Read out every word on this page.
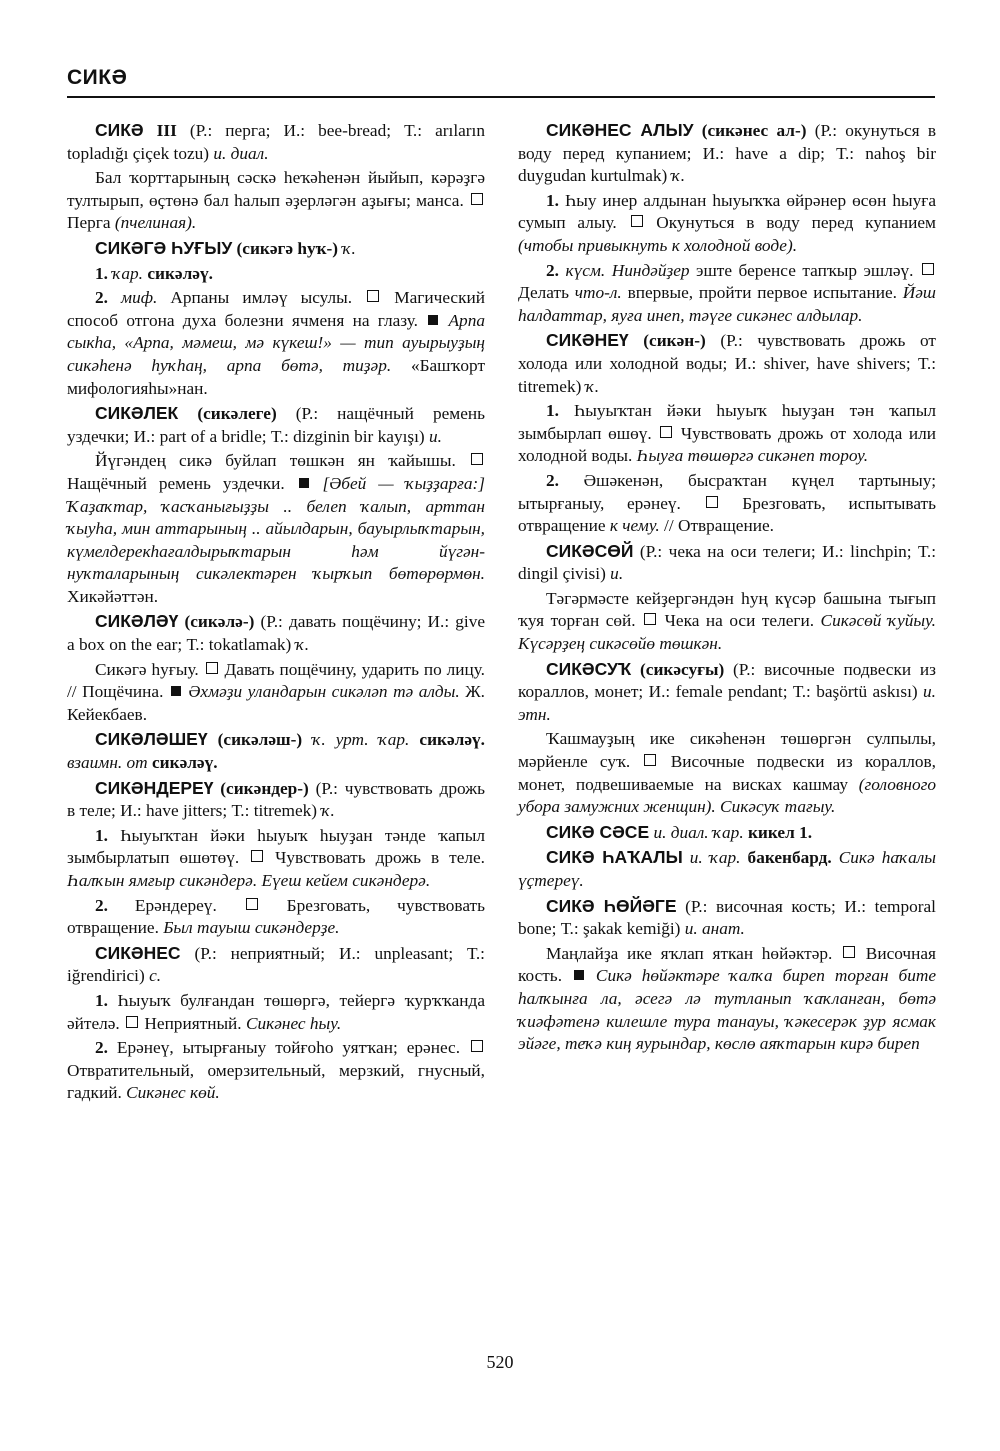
СИКӘ

СИКӘ III (Р.: перга; И.: bee-bread; Т.: arıların topladığı çiçek tozu) и. диал.

Бал ҡорттарының сәскә һеҡәһенән йыйып, кәрәҙгә тултырып, өҫтөнә бал һалып әҙерләгән аҙығы; манса.  Перга (пчелиная).

СИКӘГӘ ҺУҒЫУ (сикәгә һуҡ-) ҡ.

1. ҡар. сикәләү.

2. миф. Арпаны имләү ысулы.  Магический способ отгона духа болезни ячменя на глазу.  Арпа сыкһа, «Арпа, мәмеш, мә күкеш!» — тип ауырыуҙың сикәһенә һуҡһаң, арпа бөтә, тиҙәр. «Башҡорт мифологияһы»нан.

СИКӘЛЕК (сикәлеге) (Р.: нащёчный ремень уздечки; И.: part of a bridle; Т.: dizginin bir kayışı) и.

Йүгәндең сикә буйлап төшкән ян ҡайышы.  Нащёчный ремень уздечки.  [Әбей — ҡыҙҙарға:] Ҡаҙаҡтар, ҡасҡанығыҙҙы .. белеп ҡалып, арттан ҡыуһа, мин аттарының .. айылдарын, бауырлыҡтарын, күмелдерекһағалдырыҡтарын һәм йүгән-нуҡталарының сикәлектәрен ҡырҡып бөтөрөрмөн. Хикәйәттән.

СИКӘЛӘҮ (сикәлә-) (Р.: давать пощёчину; И.: give a box on the ear; Т.: tokatlamak) ҡ.

Сикәгә һуғыу.  Давать пощёчину, ударить по лицу. // Пощёчина.  Әхмәҙи уландарын сикәләп тә алды. Ж. Кейекбаев.

СИКӘЛӘШЕҮ (сикәләш-) ҡ. урт. ҡар. сикәләү. взаимн. от сикәләү.

СИКӘНДЕРЕҮ (сикәндер-) (Р.: чувствовать дрожь в теле; И.: have jitters; Т.: titremek) ҡ.

1. Һыуыҡтан йәки һыуыҡ һыуҙан тәнде ҡапыл зымбырлатып өшөтөү.  Чувствовать дрожь в теле. Һалҡын ямғыр сикәндерә. Еүеш кейем сикәндерә.

2. Ерәндереү.  Брезговать, чувствовать отвращение. Был тауыш сикәндерҙе.

СИКӘНЕС (Р.: неприятный; И.: unpleasant; Т.: iğrendirici) с.

1. Һыуыҡ булғандан төшөргә, тейергә ҡурҡҡанда әйтелә.  Неприятный. Сикәнес һыу.

2. Ерәнеү, ытырғаныу тойғоһо уятҡан; ерәнес.  Отвратительный, омерзительный, мерзкий, гнусный, гадкий. Сикәнес көй.

СИКӘНЕС АЛЫУ (сикәнес ал-) (Р.: окунуться в воду перед купанием; И.: have a dip; Т.: nahoş bir duygudan kurtulmak) ҡ.

1. Һыу инер алдынан һыуыҡҡа өйрәнер өсөн һыуға сумып алыу.  Окунуться в воду перед купанием (чтобы привыкнуть к холодной воде).

2. күсм. Ниндәйҙер эште беренсе тапҡыр эшләү.  Делать что-л. впервые, пройти первое испытание. Йәш һалдаттар, яуға инеп, тәүге сикәнес алдылар.

СИКӘНЕҮ (сикән-) (Р.: чувствовать дрожь от холода или холодной воды; И.: shiver, have shivers; Т.: titremek) ҡ.

1. Һыуыҡтан йәки һыуыҡ һыуҙан тән ҡапыл зымбырлап өшөү.  Чувствовать дрожь от холода или холодной воды. Һыуға төшөргә сикәнеп тороу.

2. Әшәкенән, бысраҡтан күңел тартыныу; ытырғаныу, ерәнеү.  Брезговать, испытывать отвращение к чему. // Отвращение.

СИКӘСӨЙ (Р.: чека на оси телеги; И.: linchpin; Т.: dingil çivisi) и.

Тәгәрмәсте кейҙергәндән һуң күсәр башына тығып ҡуя торған сөй.  Чека на оси телеги. Сикәсөй ҡуйыу. Күсәрҙең сикәсөйө төшкән.

СИКӘСУҠ (сикәсуғы) (Р.: височные подвески из кораллов, монет; И.: female pendant; Т.: başörtü askısı) и. этн.

Ҡашмауҙың ике сикәһенән төшөргән сулпылы, мәрйенле суҡ.  Височные подвески из кораллов, монет, подвешиваемые на висках кашмау (головного убора замужних женщин). Сикәсуҡ тағыу.

СИКӘ СӘСЕ и. диал. ҡар. кикел 1.

СИКӘ ҺАҠАЛЫ и. ҡар. бакенбард. Сикә һаҡалы үҫтереү.

СИКӘ ҺӨЙӘГЕ (Р.: височная кость; И.: temporal bone; Т.: şakak kemiği) и. анат.

Маңлайҙа ике яҡлап яткан һөйәктәр.  Височная кость.  Сикә һөйәктәре ҡалҡа биреп торған бите һалҡынға ла, әсегә лә тутланып ҡаҡланған, бөтә ҡиәфәтенә килешле тура танауы, ҡәкесерәк ҙур ясмак эйәге, теҡә киң яурындар, көслө аяҡтарын кирә биреп

520
